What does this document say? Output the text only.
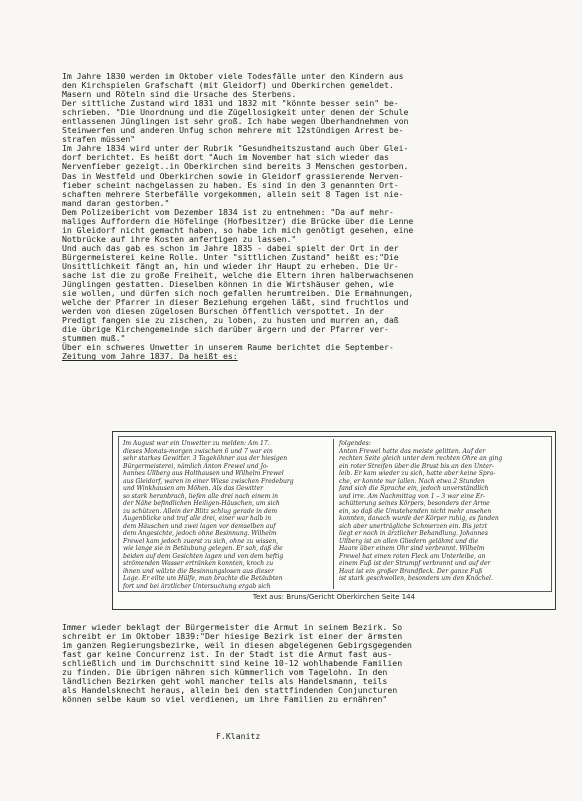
Im Jahre 1830 werden im Oktober viele Todesfälle unter den Kindern aus

den Kirchspielen Grafschaft (mit Gleidorf) und Oberkirchen gemeldet.

Masern und Röteln sind die Ursache des Sterbens.

Der sittliche Zustand wird 1831 und 1832 mit "könnte besser sein" be-

schrieben. "Die Unordnung und die Zügellosigkeit unter denen der Schule

entlassenen Jünglingen ist sehr groß. Ich habe wegen Überhandnehmen von

Steinwerfen und anderen Unfug schon mehrere mit 12stündigen Arrest be-

strafen müssen"

Im Jahre 1834 wird unter der Rubrik "Gesundheitszustand auch über Glei-

dorf berichtet. Es heißt dort "Auch im November hat sich wieder das

Nervenfieber gezeigt..in Oberkirchen sind bereits 3 Menschen gestorben.

Das in Westfeld und Oberkirchen sowie in Gleidorf grassierende Nerven-

fieber scheint nachgelassen zu haben. Es sind in den 3 genannten Ort-

schaften mehrere Sterbefälle vorgekommen, allein seit 8 Tagen ist nie-

mand daran gestorben."

Dem Polizeibericht vom Dezember 1834 ist zu entnehmen: "Da auf mehr-

maliges Auffordern die Höfelinge (Hofbesitzer) die Brücke über die Lenne

in Gleidorf nicht gemacht haben, so habe ich mich genötigt gesehen, eine

Notbrücke auf ihre Kosten anfertigen zu lassen."

Und auch das gab es schon im Jahre 1835 - dabei spielt der Ort in der

Bürgermeisterei keine Rolle. Unter "sittlichen Zustand" heißt es:"Die

Unsittlichkeit fängt an, hin und wieder ihr Haupt zu erheben. Die Ur-

sache ist die zu große Freiheit, welche die Eltern ihren halberwachsenen

Jünglingen gestatten. Dieselben können in die Wirtshäuser gehen, wie

sie wollen, und dürfen sich noch gefallen herumtreiben. Die Ermahnungen,

welche der Pfarrer in dieser Beziehung ergehen läßt, sind fruchtlos und

werden von diesen zügelosen Burschen öffentlich verspottet. In der

Predigt fangen sie zu zischen, zu loben, zu husten und murren an, daß

die übrige Kirchengemeinde sich darüber ärgern und der Pfarrer ver-

stummen muß."

Über ein schweres Unwetter in unserem Raume berichtet die September-

Zeitung vom Jahre 1837. Da heißt es:

Im August war ein Unwetter zu melden: Am 17.

dieses Monats-morgen zwischen 6 und 7 war ein

sehr starkes Gewitter. 3 Tageköhner aus der hiesigen

Bürgermeisterei, nämlich Anton Frewel und Jo-

hannes Ullberg aus Holthausen und Wilhelm Frewel

aus Gleidorf, waren in einer Wiese zwischen Fredeburg

und Winkhausen am Möhen. Als das Gewitter

so stark heranbrach, liefen alle drei nach einem in

der Nähe befindlichen Heiligen-Häuschen, um sich

zu schützen. Allein der Blitz schlug gerade in dem

Augenblicke und traf alle drei, einer war halb in

dem Häuschen und zwei lagen vor demselben auf

dem Angesichte, jedoch ohne Besinnung. Wilhelm

Frewel kam jedoch zuerst zu sich, ohne zu wissen,

wie lange sie in Betäubung gelegen. Er sah, daß die

beiden auf dem Gesichten lagen und von dem heftig

strömenden Wasser ertränken konnten, kroch zu

ihnen und wälzte die Besinnungslosen aus dieser

Lage. Er eilte um Hülfe, man brachte die Betäubten

fort und bei ärztlicher Untersuchung ergab sich

folgendes:

Anton Frewel hatte das meiste gelitten. Auf der

rechten Seite gleich unter dem rechten Ohre an ging

ein roter Streifen über die Brust bis an den Unter-

leib. Er kam wieder zu sich, hatte aber keine Spra-

che, er konnte nur lallen. Nach etwa 2 Stunden

fand sich die Sprache ein, jedoch unverständlich

und irre. Am Nachmittag von 1 – 3 war eine Er-

schütterung seines Körpers, besonders der Arme

ein, so daß die Umstehenden nicht mehr ansehen

konnten, danach wurde der Körper ruhig, es fanden

sich aber unerträgliche Schmerzen ein. Bis jetzt

liegt er noch in ärztlicher Behandlung. Johannes

Ullberg ist an allen Gliedern gelähmt und die

Haare über einem Ohr sind verbrannt. Wilhelm

Frewel hat einen roten Fleck am Unterleibe, an

einem Fuß ist der Strumpf verbrannt und auf der

Haut ist ein großer Brandfleck. Der ganze Fuß

ist stark geschwollen, besonders um den Knöchel.

Text aus: Bruns/Gericht Oberkirchen Seite 144

Immer wieder beklagt der Bürgermeister die Armut in seinem Bezirk. So

schreibt er im Oktober 1839:"Der hiesige Bezirk ist einer der ärmsten

im ganzen Regierungsbezirke, weil in diesen abgelegenen Gebirgsgegenden

fast gar keine Concurrenz ist. In der Stadt ist die Armut fast aus-

schließlich und im Durchschnitt sind keine 10-12 wohlhabende Familien

zu finden. Die übrigen nähren sich kümmerlich vom Tagelohn. In den

ländlichen Bezirken geht wohl mancher teils als Handelsmann, teils

als Handelsknecht heraus, allein bei den stattfindenden Conjuncturen

können selbe kaum so viel verdienen, um ihre Familien zu ernähren"

F.Klanitz
